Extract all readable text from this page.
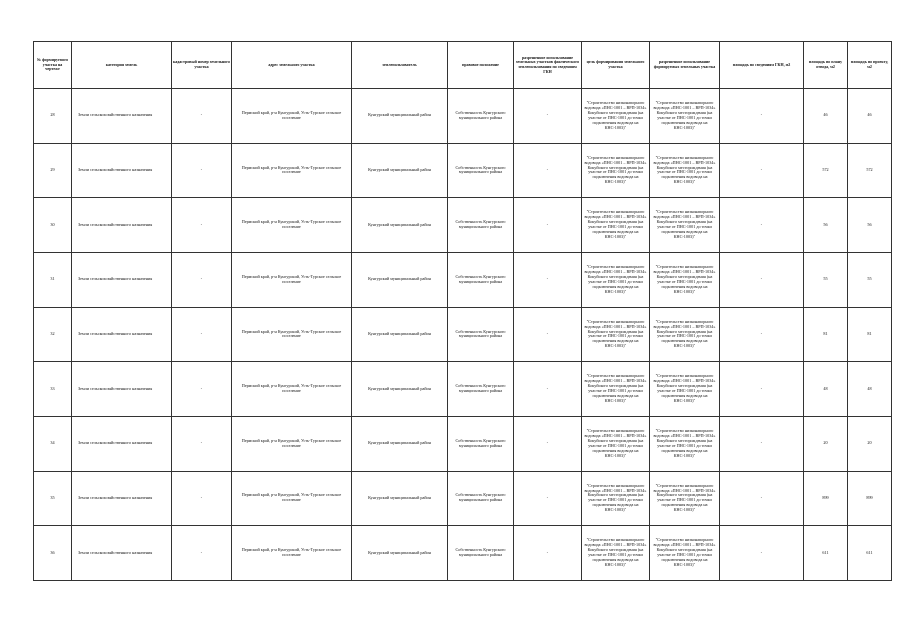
№ формируемого участка на чертеже	категория земель	кадастровый номер земельного участка	адрес земельного участка	землепользователь	правовое положение	разрешенное использование земельных участков фактического землепользования по сведениям ГКН	цель формирования земельного участка	разрешенное использование формируемых земельных участка	площадь по сведениям ГКН, м2	площадь по плану отвода, м2	площадь по проекту, м2

28	Земли сельскохозяйственного назначения	-	Пермский край, р-н Кунгурский, Усть-Турское сельское поселение	Кунгурский муниципальный район	Собственность Кунгурского муниципального района	-	"Строительство низконапорного водовода «ПНС-1001 – ВРП-1034» Кокуйского месторождения (на участке от ПНС-1001 до точки подключения водовода на КНС-1003)"	"Строительство низконапорного водовода «ПНС-1001 – ВРП-1034» Кокуйского месторождения (на участке от ПНС-1001 до точки подключения водовода на КНС-1003)"	-	46	46

29	Земли сельскохозяйственного назначения	-	Пермский край, р-н Кунгурский, Усть-Турское сельское поселение	Кунгурский муниципальный район	Собственность Кунгурского муниципального района	-	"Строительство низконапорного водовода «ПНС-1001 – ВРП-1034» Кокуйского месторождения (на участке от ПНС-1001 до точки подключения водовода на КНС-1003)"	"Строительство низконапорного водовода «ПНС-1001 – ВРП-1034» Кокуйского месторождения (на участке от ПНС-1001 до точки подключения водовода на КНС-1003)"	-	572	572

30	Земли сельскохозяйственного назначения	-	Пермский край, р-н Кунгурский, Усть-Турское сельское поселение	Кунгурский муниципальный район	Собственность Кунгурского муниципального района	-	"Строительство низконапорного водовода «ПНС-1001 – ВРП-1034» Кокуйского месторождения (на участке от ПНС-1001 до точки подключения водовода на КНС-1003)"	"Строительство низконапорного водовода «ПНС-1001 – ВРП-1034» Кокуйского месторождения (на участке от ПНС-1001 до точки подключения водовода на КНС-1003)"	-	56	56

31	Земли сельскохозяйственного назначения	-	Пермский край, р-н Кунгурский, Усть-Турское сельское поселение	Кунгурский муниципальный район	Собственность Кунгурского муниципального района	-	"Строительство низконапорного водовода «ПНС-1001 – ВРП-1034» Кокуйского месторождения (на участке от ПНС-1001 до точки подключения водовода на КНС-1003)"	"Строительство низконапорного водовода «ПНС-1001 – ВРП-1034» Кокуйского месторождения (на участке от ПНС-1001 до точки подключения водовода на КНС-1003)"	-	55	55

32	Земли сельскохозяйственного назначения	-	Пермский край, р-н Кунгурский, Усть-Турское сельское поселение	Кунгурский муниципальный район	Собственность Кунгурского муниципального района	-	"Строительство низконапорного водовода «ПНС-1001 – ВРП-1034» Кокуйского месторождения (на участке от ПНС-1001 до точки подключения водовода на КНС-1003)"	"Строительство низконапорного водовода «ПНС-1001 – ВРП-1034» Кокуйского месторождения (на участке от ПНС-1001 до точки подключения водовода на КНС-1003)"	-	81	81

33	Земли сельскохозяйственного назначения	-	Пермский край, р-н Кунгурский, Усть-Турское сельское поселение	Кунгурский муниципальный район	Собственность Кунгурского муниципального района	-	"Строительство низконапорного водовода «ПНС-1001 – ВРП-1034» Кокуйского месторождения (на участке от ПНС-1001 до точки подключения водовода на КНС-1003)"	"Строительство низконапорного водовода «ПНС-1001 – ВРП-1034» Кокуйского месторождения (на участке от ПНС-1001 до точки подключения водовода на КНС-1003)"	-	48	48

34	Земли сельскохозяйственного назначения	-	Пермский край, р-н Кунгурский, Усть-Турское сельское поселение	Кунгурский муниципальный район	Собственность Кунгурского муниципального района	-	"Строительство низконапорного водовода «ПНС-1001 – ВРП-1034» Кокуйского месторождения (на участке от ПНС-1001 до точки подключения водовода на КНС-1003)"	"Строительство низконапорного водовода «ПНС-1001 – ВРП-1034» Кокуйского месторождения (на участке от ПНС-1001 до точки подключения водовода на КНС-1003)"	-	20	20

35	Земли сельскохозяйственного назначения	-	Пермский край, р-н Кунгурский, Усть-Турское сельское поселение	Кунгурский муниципальный район	Собственность Кунгурского муниципального района	-	"Строительство низконапорного водовода «ПНС-1001 – ВРП-1034» Кокуйского месторождения (на участке от ПНС-1001 до точки подключения водовода на КНС-1003)"	"Строительство низконапорного водовода «ПНС-1001 – ВРП-1034» Кокуйского месторождения (на участке от ПНС-1001 до точки подключения водовода на КНС-1003)"	-	899	899

36	Земли сельскохозяйственного назначения	-	Пермский край, р-н Кунгурский, Усть-Турское сельское поселение	Кунгурский муниципальный район	Собственность Кунгурского муниципального района	-	"Строительство низконапорного водовода «ПНС-1001 – ВРП-1034» Кокуйского месторождения (на участке от ПНС-1001 до точки подключения водовода на КНС-1003)"	"Строительство низконапорного водовода «ПНС-1001 – ВРП-1034» Кокуйского месторождения (на участке от ПНС-1001 до точки подключения водовода на КНС-1003)"	-	611	611
